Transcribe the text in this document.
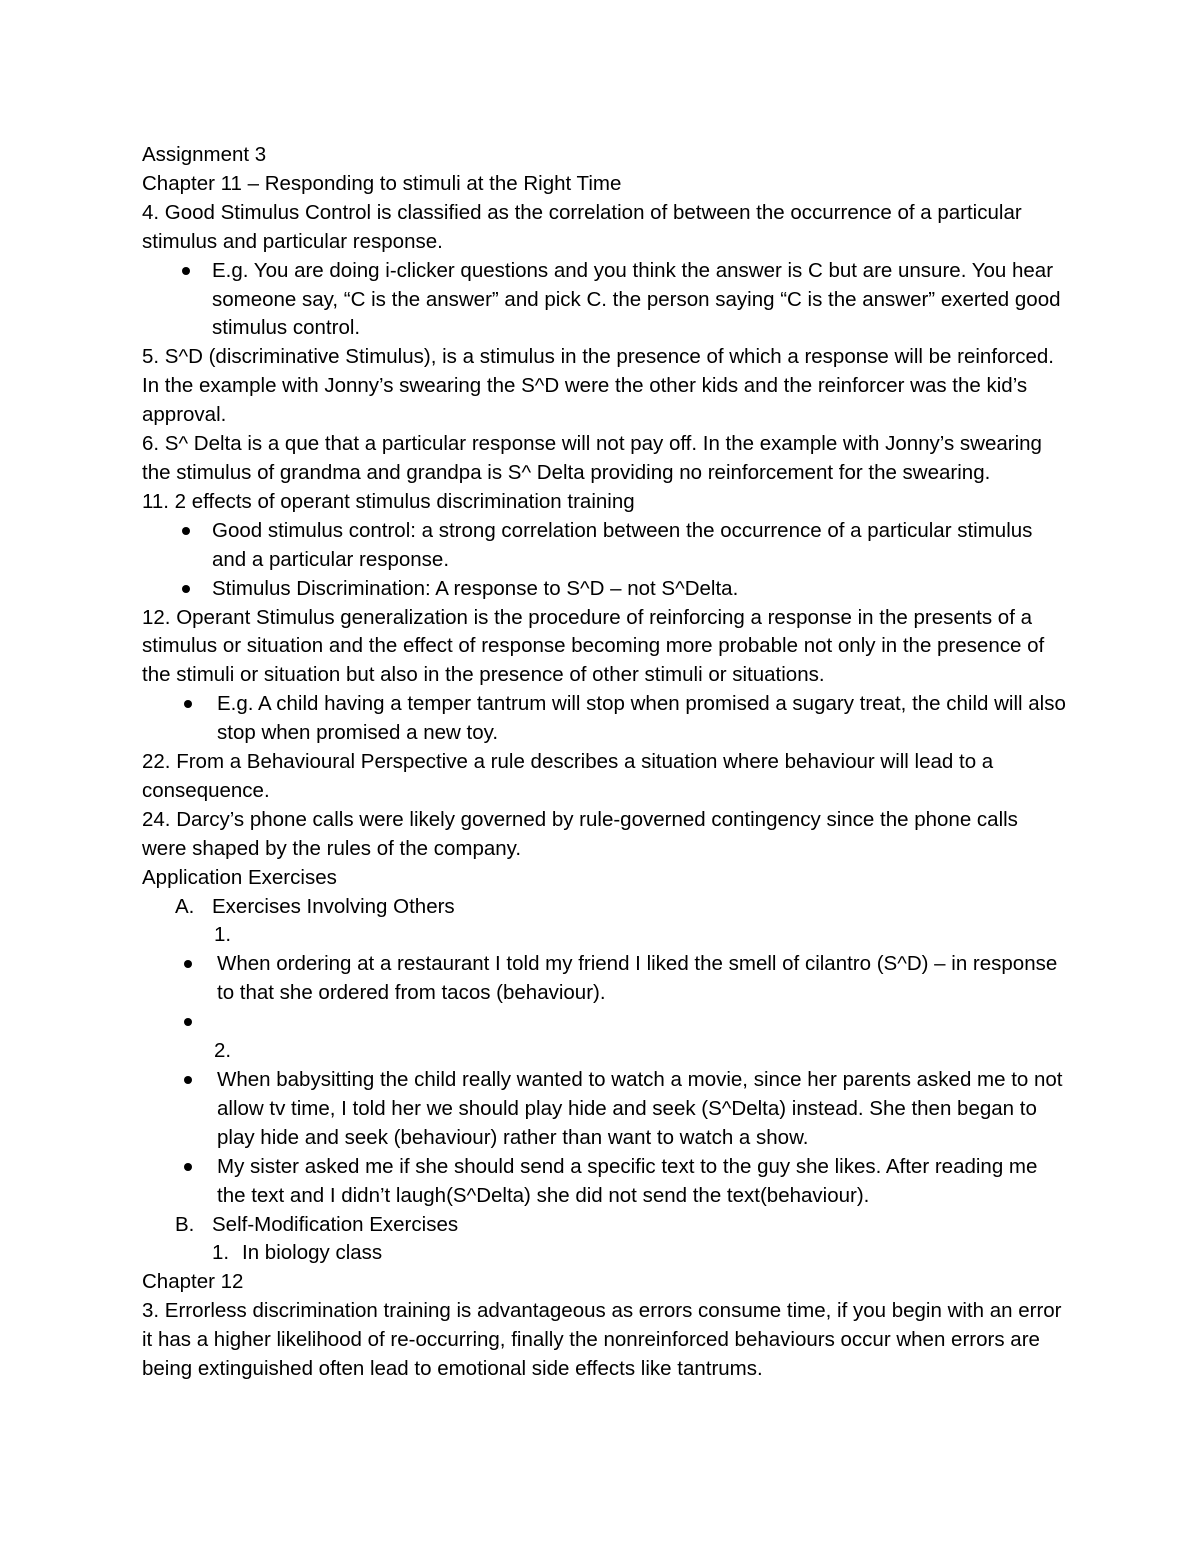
Assignment 3

Chapter 11 – Responding to stimuli at the Right Time

4. Good Stimulus Control is classified as the correlation of between the occurrence of a particular stimulus and particular response.

E.g. You are doing i-clicker questions and you think the answer is C but are unsure. You hear someone say, “C is the answer” and pick C. the person saying “C is the answer” exerted good stimulus control.

5. S^D (discriminative Stimulus), is a stimulus in the presence of which a response will be reinforced. In the example with Jonny’s swearing the S^D were the other kids and the reinforcer was the kid’s approval.

6. S^ Delta is a que that a particular response will not pay off. In the example with Jonny’s swearing the stimulus of grandma and grandpa is S^ Delta providing no reinforcement for the swearing.

11. 2 effects of operant stimulus discrimination training

Good stimulus control: a strong correlation between the occurrence of a particular stimulus and a particular response.
Stimulus Discrimination: A response to S^D – not S^Delta.

12. Operant Stimulus generalization is the procedure of reinforcing a response in the presents of a stimulus or situation and the effect of response becoming more probable not only in the presence of the stimuli or situation but also in the presence of other stimuli or situations.

E.g. A child having a temper tantrum will stop when promised a sugary treat, the child will also stop when promised a new toy.

22. From a Behavioural Perspective a rule describes a situation where behaviour will lead to a consequence.

24. Darcy’s phone calls were likely governed by rule-governed contingency since the phone calls were shaped by the rules of the company.

Application Exercises

A. Exercises Involving Others

1.

When ordering at a restaurant I told my friend I liked the smell of cilantro (S^D) – in response to that she ordered from tacos (behaviour).

2.

When babysitting the child really wanted to watch a movie, since her parents asked me to not allow tv time, I told her we should play hide and seek (S^Delta) instead. She then began to play hide and seek (behaviour) rather than want to watch a show.
My sister asked me if she should send a specific text to the guy she likes. After reading me the text and I didn’t laugh(S^Delta) she did not send the text(behaviour).
B. Self-Modification Exercises
1. In biology class

Chapter 12

3. Errorless discrimination training is advantageous as errors consume time, if you begin with an error it has a higher likelihood of re-occurring, finally the nonreinforced behaviours occur when errors are being extinguished often lead to emotional side effects like tantrums.
